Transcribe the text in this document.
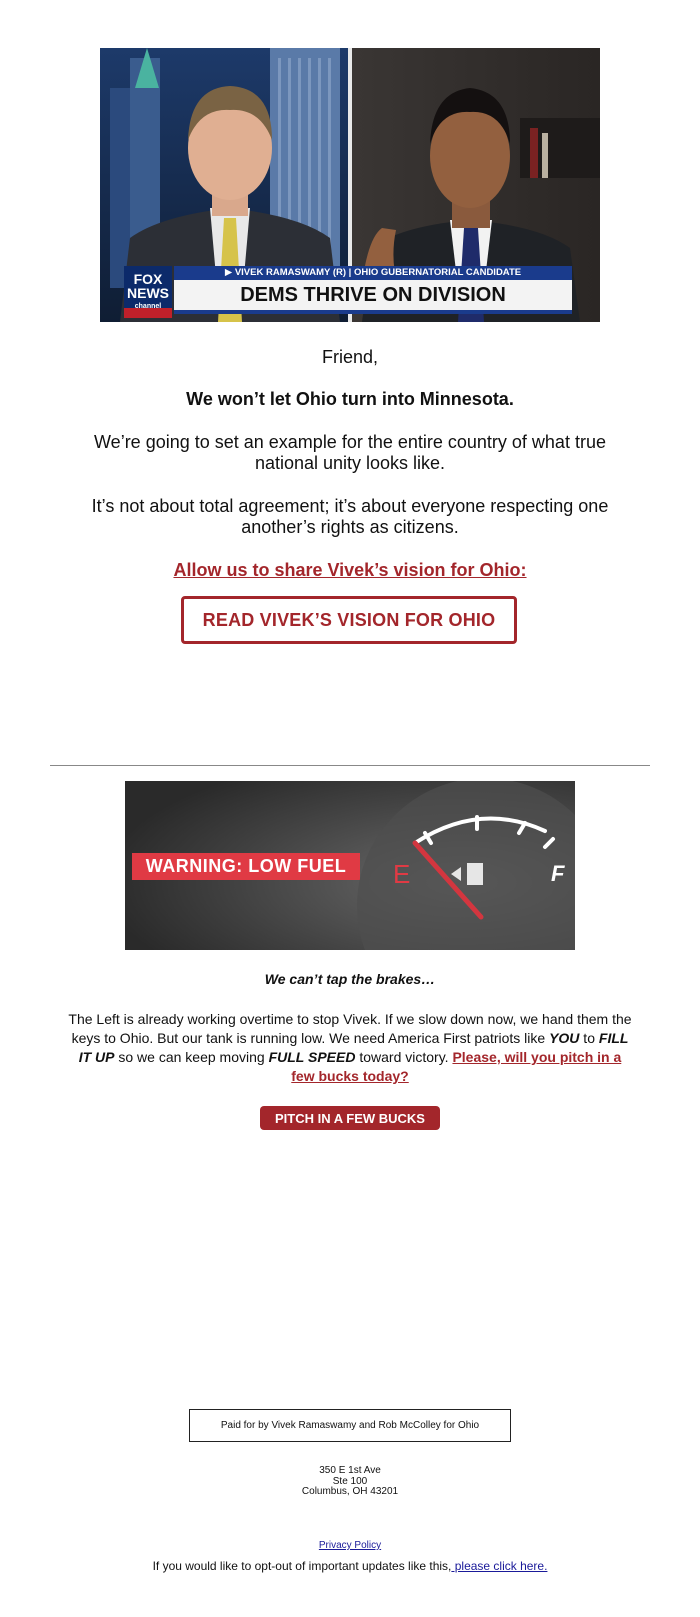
▶ VIVEK RAMASWAMY (R) | OHIO GUBERNATORIAL CANDIDATE
DEMS THRIVE ON DIVISION
FOX
NEWS
channel
Friend,
We won’t let Ohio turn into Minnesota.
We’re going to set an example for the entire country of what true national unity looks like.
It’s not about total agreement; it’s about everyone respecting one another’s rights as citizens.
Allow us to share Vivek’s vision for Ohio:
READ VIVEK’S VISION FOR OHIO
WARNING: LOW FUEL	E	F
We can’t tap the brakes…
The Left is already working overtime to stop Vivek. If we slow down now, we hand them the keys to Ohio. But our tank is running low. We need America First patriots like YOU to FILL IT UP so we can keep moving FULL SPEED toward victory. Please, will you pitch in a few bucks today?
PITCH IN A FEW BUCKS
Paid for by Vivek Ramaswamy and Rob McColley for Ohio
350 E 1st Ave
Ste 100
Columbus, OH 43201
Privacy Policy
If you would like to opt-out of important updates like this, please click here.
